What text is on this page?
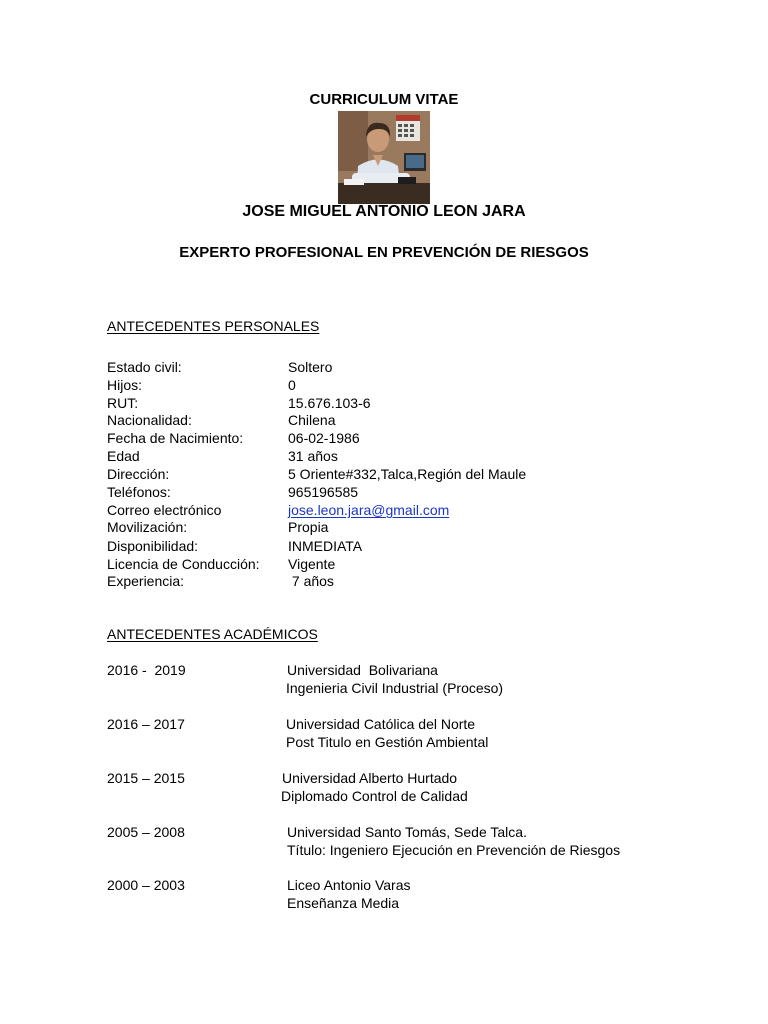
CURRICULUM VITAE
JOSE MIGUEL ANTONIO LEON JARA
EXPERTO PROFESIONAL EN PREVENCIÓN DE RIESGOS
ANTECEDENTES PERSONALES
Estado civil:	Soltero
Hijos:	0
RUT:	15.676.103-6
Nacionalidad:	Chilena
Fecha de Nacimiento:	06-02-1986
Edad	31 años
Dirección:	5 Oriente#332,Talca,Región del Maule
Teléfonos:	965196585
Correo electrónico	jose.leon.jara@gmail.com
Movilización:	Propia
Disponibilidad:	INMEDIATA
Licencia de Conducción: Vigente
Experiencia:	7 años
ANTECEDENTES ACADÉMICOS
2016 -  2019	Universidad  Bolivariana
Ingenieria Civil Industrial (Proceso)
2016 – 2017	Universidad Católica del Norte
Post Titulo en Gestión Ambiental
2015 – 2015	Universidad Alberto Hurtado
Diplomado Control de Calidad
2005 – 2008	Universidad Santo Tomás, Sede Talca.
Título: Ingeniero Ejecución en Prevención de Riesgos
2000 – 2003	Liceo Antonio Varas
Enseñanza Media
